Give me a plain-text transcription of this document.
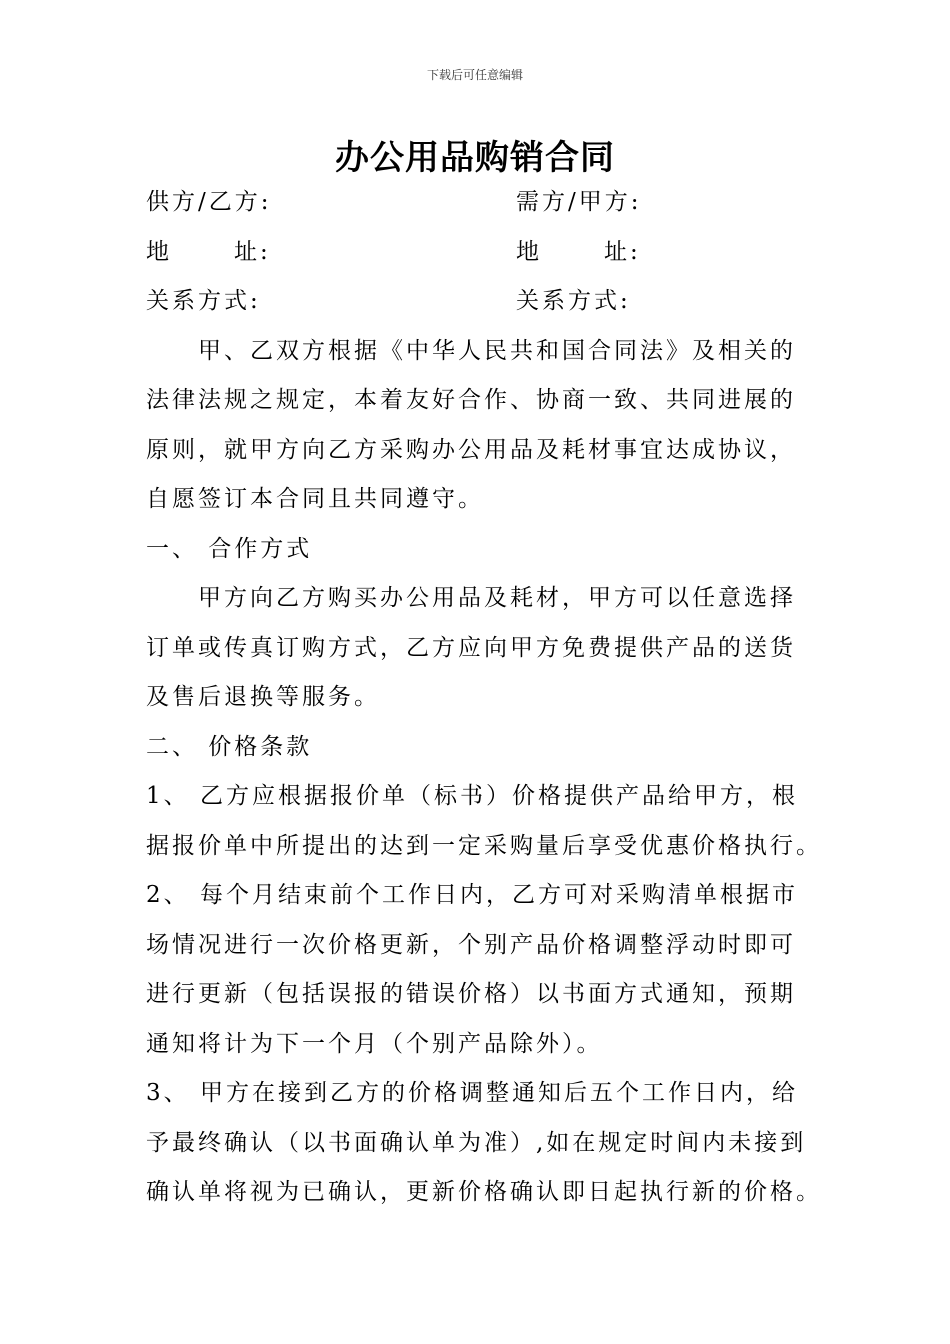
下载后可任意编辑
办公用品购销合同
供方/乙方:	需方/甲方:
地	址:	地	址:
关系方式:	关系方式:
甲、乙双方根据《中华人民共和国合同法》及相关的
法律法规之规定，本着友好合作、协商一致、共同进展的
原则，就甲方向乙方采购办公用品及耗材事宜达成协议，
自愿签订本合同且共同遵守。
一、 合作方式
甲方向乙方购买办公用品及耗材，甲方可以任意选择
订单或传真订购方式，乙方应向甲方免费提供产品的送货
及售后退换等服务。
二、 价格条款
1、 乙方应根据报价单（标书）价格提供产品给甲方，根
据报价单中所提出的达到一定采购量后享受优惠价格执行。
2、 每个月结束前个工作日内，乙方可对采购清单根据市
场情况进行一次价格更新，个别产品价格调整浮动时即可
进行更新（包括误报的错误价格）以书面方式通知，预期
通知将计为下一个月（个别产品除外）。
3、 甲方在接到乙方的价格调整通知后五个工作日内，给
予最终确认（以书面确认单为准）,如在规定时间内未接到
确认单将视为已确认，更新价格确认即日起执行新的价格。
